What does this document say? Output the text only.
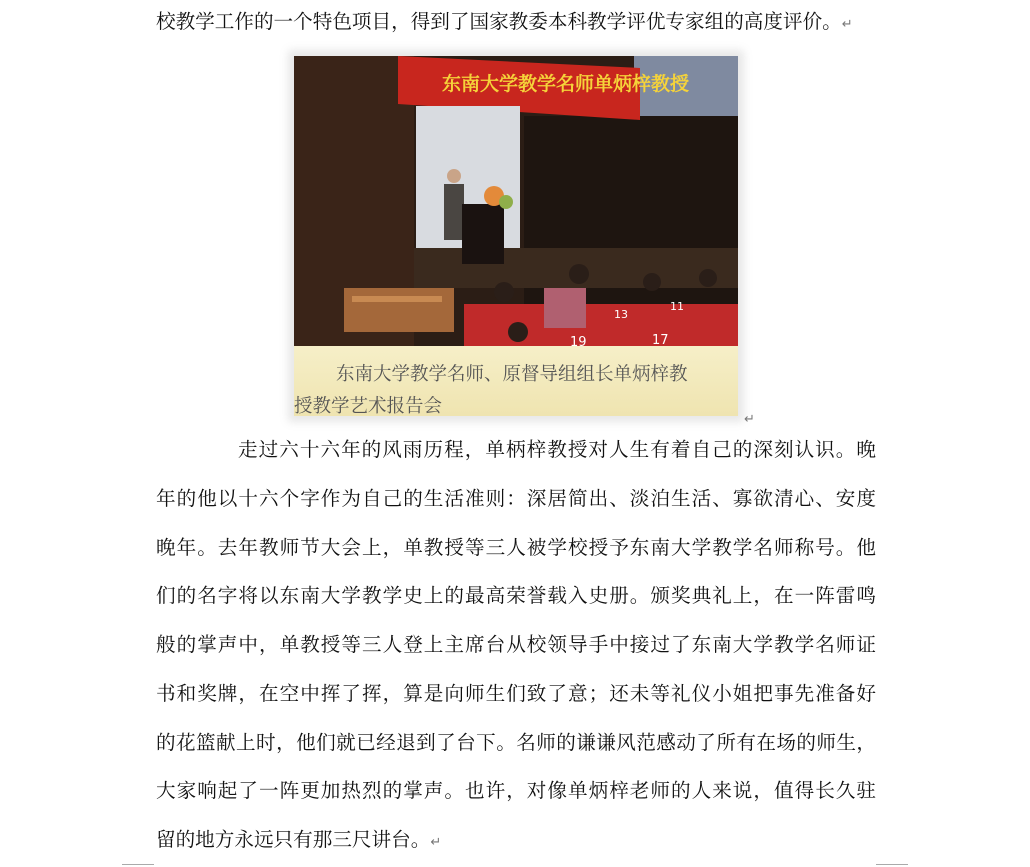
校教学工作的一个特色项目，得到了国家教委本科教学评优专家组的高度评价。↵
东南大学教学名师单炳梓教授
13
11
19	17
东南大学教学名师、原督导组组长单炳梓教
授教学艺术报告会
↵
走过六十六年的风雨历程，单柄梓教授对人生有着自己的深刻认识。晚
年的他以十六个字作为自己的生活准则：深居简出、淡泊生活、寡欲清心、安度
晚年。去年教师节大会上，单教授等三人被学校授予东南大学教学名师称号。他
们的名字将以东南大学教学史上的最高荣誉载入史册。颁奖典礼上，在一阵雷鸣
般的掌声中，单教授等三人登上主席台从校领导手中接过了东南大学教学名师证
书和奖牌，在空中挥了挥，算是向师生们致了意；还未等礼仪小姐把事先准备好
的花篮献上时，他们就已经退到了台下。名师的谦谦风范感动了所有在场的师生，
大家响起了一阵更加热烈的掌声。也许，对像单炳梓老师的人来说，值得长久驻
留的地方永远只有那三尺讲台。↵
